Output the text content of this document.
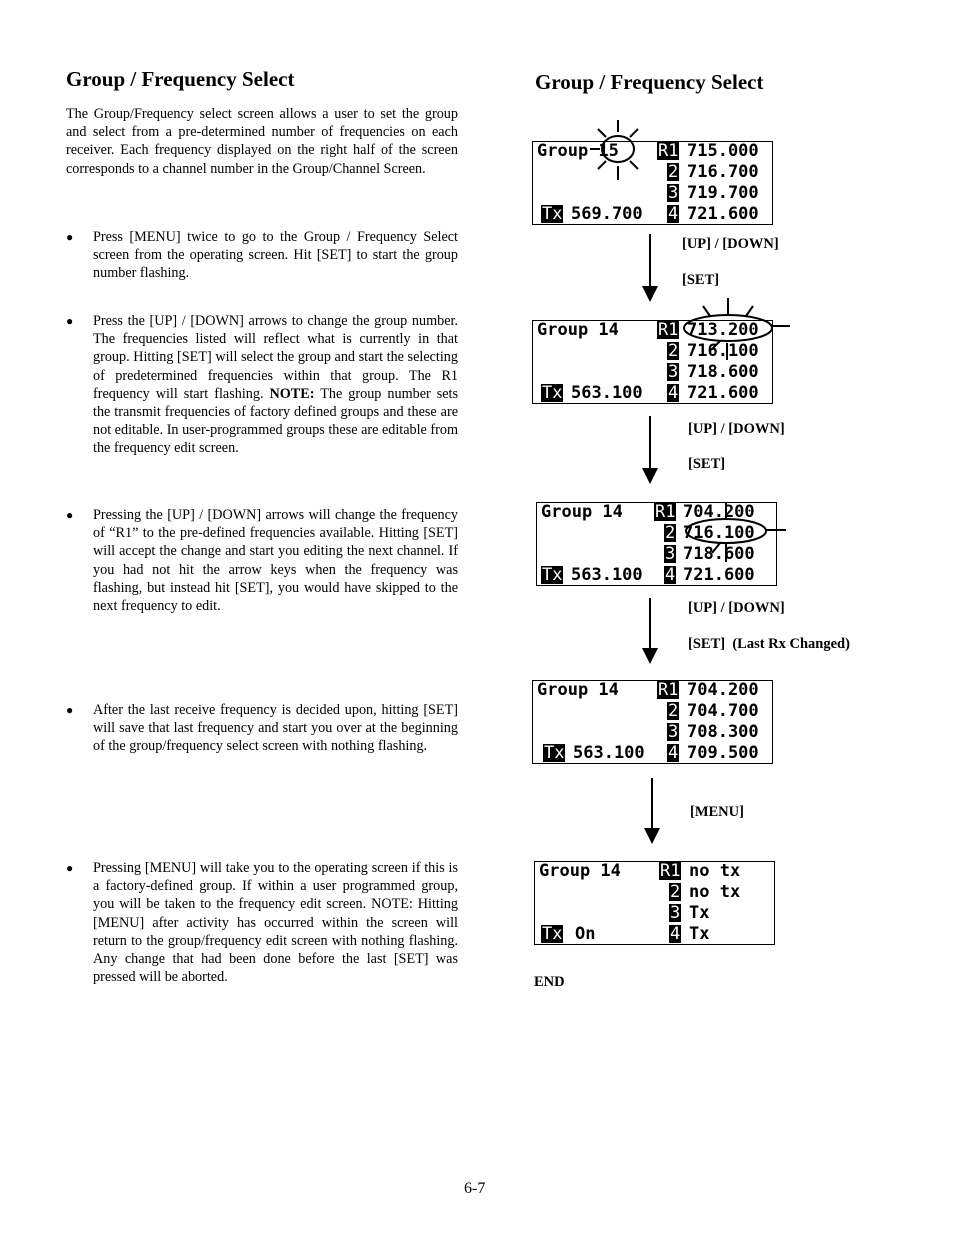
Group / Frequency Select
The Group/Frequency select screen allows a user to set the group and select from a pre-determined number of frequencies on each receiver. Each frequency displayed on the right half of the screen corresponds to a channel number in the Group/Channel Screen.
● Press [MENU] twice to go to the Group / Frequency Select screen from the operating screen. Hit [SET] to start the group number flashing.
● Press the [UP] / [DOWN] arrows to change the group number. The frequencies listed will reflect what is currently in that group. Hitting [SET] will select the group and start the selecting of predetermined frequencies within that group. The R1 frequency will start flashing. NOTE: The group number sets the transmit frequencies of factory defined groups and these are not editable. In user-programmed groups these are editable from the frequency edit screen.
● Pressing the [UP] / [DOWN] arrows will change the frequency of “R1” to the pre-defined frequencies available. Hitting [SET] will accept the change and start you editing the next channel. If you had not hit the arrow keys when the frequency was flashing, but instead hit [SET], you would have skipped to the next frequency to edit.
● After the last receive frequency is decided upon, hitting [SET] will save that last frequency and start you over at the beginning of the group/frequency select screen with nothing flashing.
● Pressing [MENU] will take you to the operating screen if this is a factory-defined group. If within a user programmed group, you will be taken to the frequency edit screen. NOTE: Hitting [MENU] after activity has occurred within the screen will return to the group/frequency edit screen with nothing flashing. Any change that had been done before the last [SET] was pressed will be aborted.
Group / Frequency Select
Group 15 R1 715.000
2 716.700
3 719.700
Tx 569.700 4 721.600
Group 14 R1 713.200
2 716.100
3 718.600
Tx 563.100 4 721.600
Group 14 R1 704.200
2 716.100
3 718.600
Tx 563.100 4 721.600
Group 14 R1 704.200
2 704.700
3 708.300
Tx 563.100 4 709.500
Group 14 R1 no tx
2 no tx
3 Tx
Tx On	4 Tx
[UP] / [DOWN]
[SET]
[UP] / [DOWN]
[SET]
[UP] / [DOWN]
[SET]  (Last Rx Changed)
[MENU]
END
6-7
